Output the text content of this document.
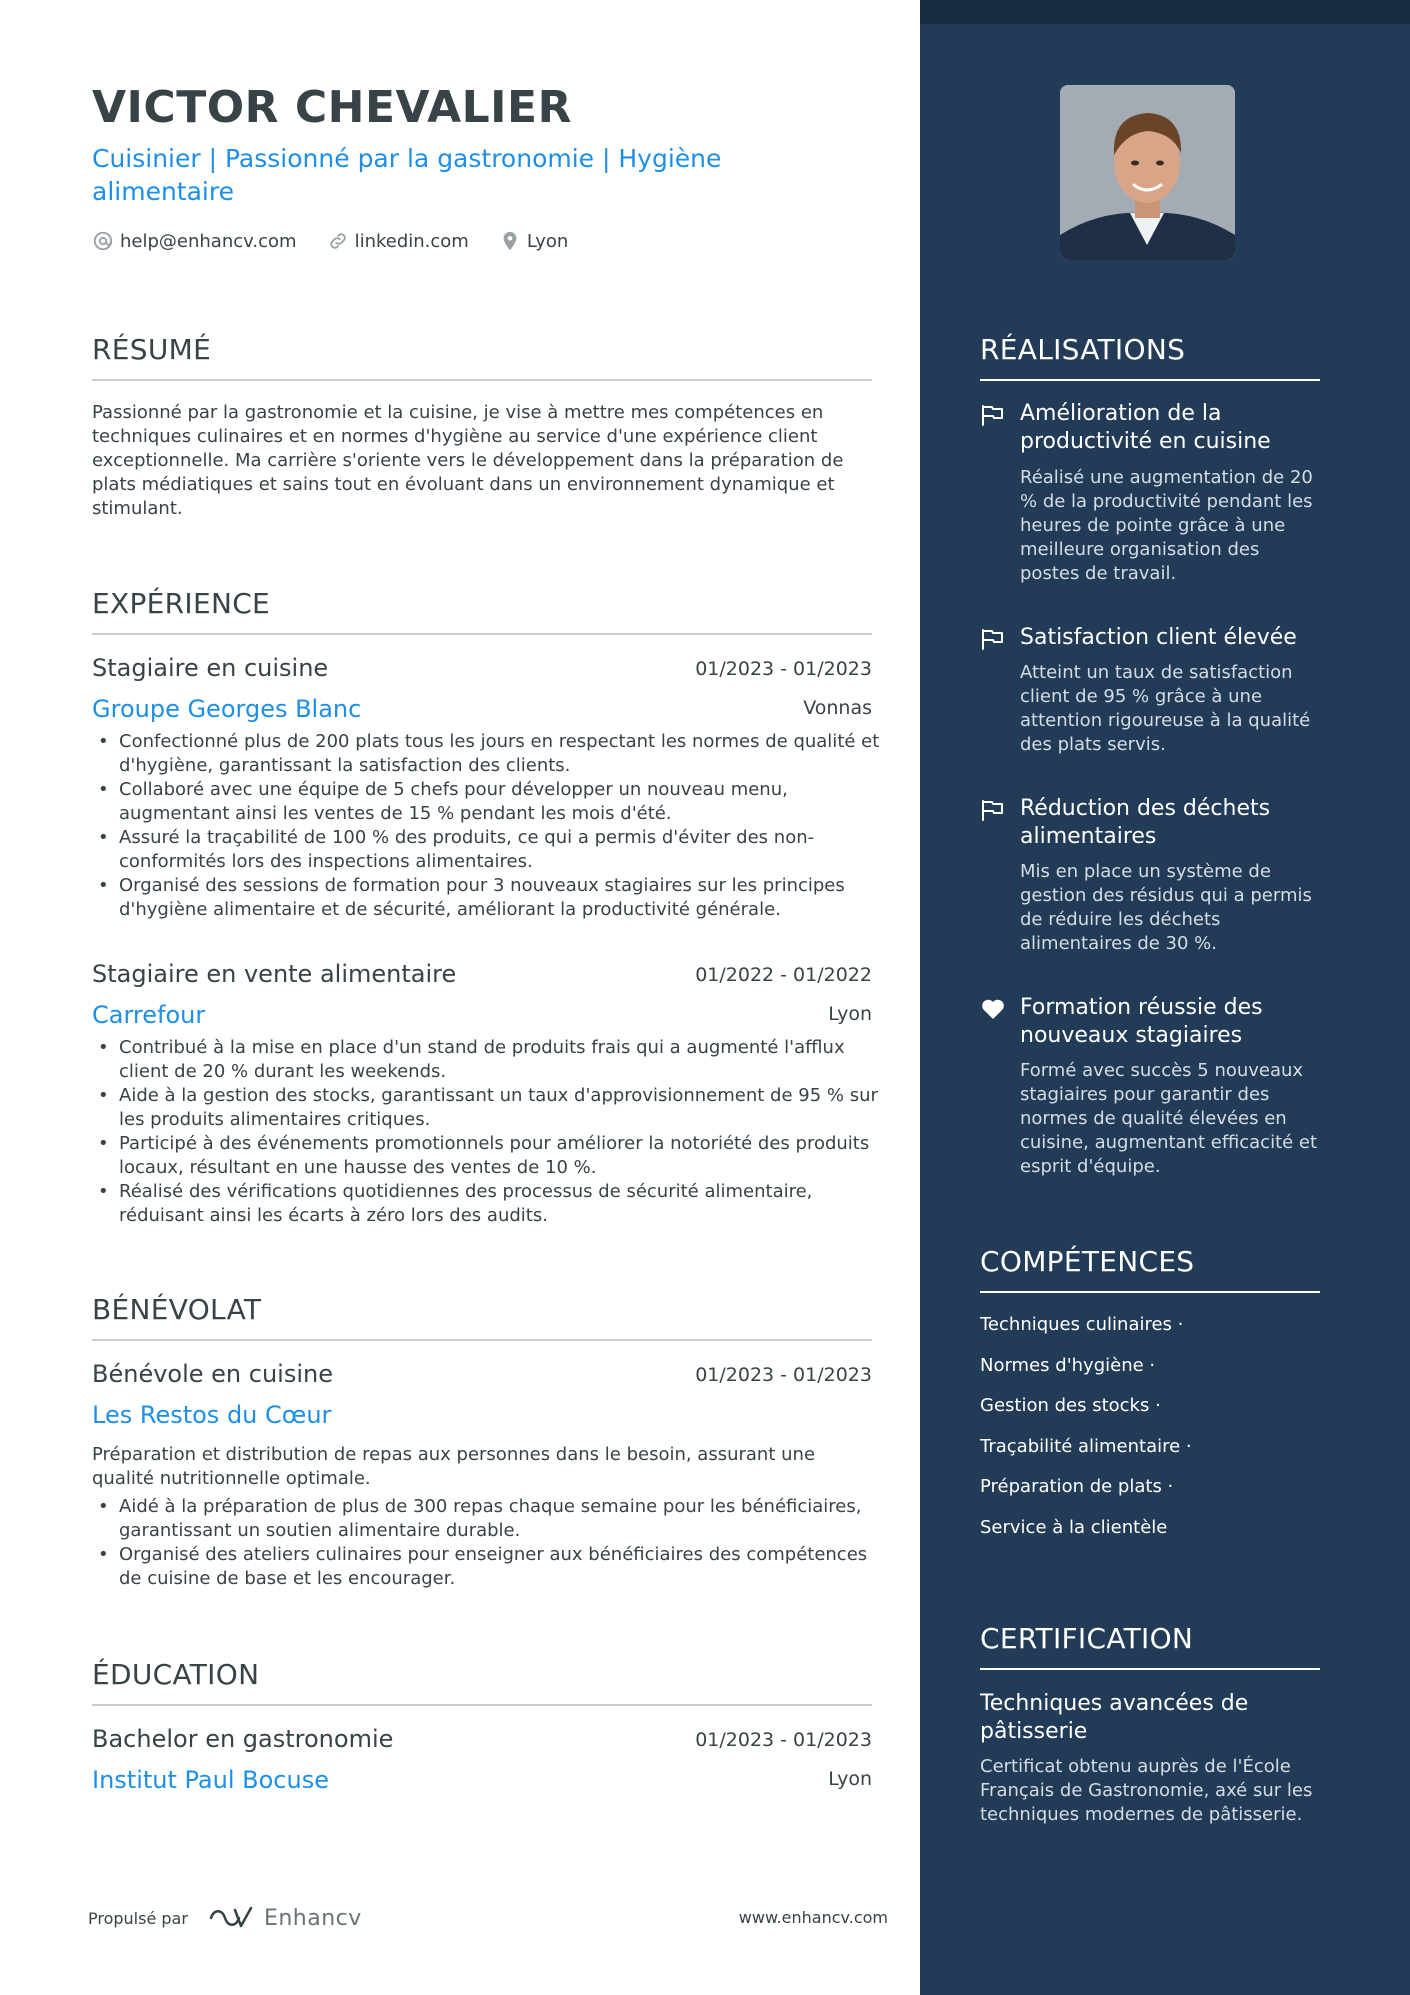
VICTOR CHEVALIER
Cuisinier | Passionné par la gastronomie | Hygiène alimentaire
help@enhancv.com	linkedin.com	Lyon
RÉSUMÉ
Passionné par la gastronomie et la cuisine, je vise à mettre mes compétences en techniques culinaires et en normes d'hygiène au service d'une expérience client exceptionnelle. Ma carrière s'oriente vers le développement dans la préparation de plats médiatiques et sains tout en évoluant dans un environnement dynamique et stimulant.
EXPÉRIENCE
Stagiaire en cuisine	01/2023 - 01/2023
Groupe Georges Blanc	Vonnas
• Confectionné plus de 200 plats tous les jours en respectant les normes de qualité et d'hygiène, garantissant la satisfaction des clients.
• Collaboré avec une équipe de 5 chefs pour développer un nouveau menu, augmentant ainsi les ventes de 15 % pendant les mois d'été.
• Assuré la traçabilité de 100 % des produits, ce qui a permis d'éviter des non-conformités lors des inspections alimentaires.
• Organisé des sessions de formation pour 3 nouveaux stagiaires sur les principes d'hygiène alimentaire et de sécurité, améliorant la productivité générale.
Stagiaire en vente alimentaire	01/2022 - 01/2022
Carrefour	Lyon
• Contribué à la mise en place d'un stand de produits frais qui a augmenté l'afflux client de 20 % durant les weekends.
• Aide à la gestion des stocks, garantissant un taux d'approvisionnement de 95 % sur les produits alimentaires critiques.
• Participé à des événements promotionnels pour améliorer la notoriété des produits locaux, résultant en une hausse des ventes de 10 %.
• Réalisé des vérifications quotidiennes des processus de sécurité alimentaire, réduisant ainsi les écarts à zéro lors des audits.
BÉNÉVOLAT
Bénévole en cuisine	01/2023 - 01/2023
Les Restos du Cœur
Préparation et distribution de repas aux personnes dans le besoin, assurant une qualité nutritionnelle optimale.
• Aidé à la préparation de plus de 300 repas chaque semaine pour les bénéficiaires, garantissant un soutien alimentaire durable.
• Organisé des ateliers culinaires pour enseigner aux bénéficiaires des compétences de cuisine de base et les encourager.
ÉDUCATION
Bachelor en gastronomie	01/2023 - 01/2023
Institut Paul Bocuse	Lyon
Propulsé par	Enhancv	www.enhancv.com
RÉALISATIONS
Amélioration de la productivité en cuisine
Réalisé une augmentation de 20 % de la productivité pendant les heures de pointe grâce à une meilleure organisation des postes de travail.
Satisfaction client élevée
Atteint un taux de satisfaction client de 95 % grâce à une attention rigoureuse à la qualité des plats servis.
Réduction des déchets alimentaires
Mis en place un système de gestion des résidus qui a permis de réduire les déchets alimentaires de 30 %.
Formation réussie des nouveaux stagiaires
Formé avec succès 5 nouveaux stagiaires pour garantir des normes de qualité élevées en cuisine, augmentant efficacité et esprit d'équipe.
COMPÉTENCES
Techniques culinaires ·
Normes d'hygiène ·
Gestion des stocks ·
Traçabilité alimentaire ·
Préparation de plats ·
Service à la clientèle
CERTIFICATION
Techniques avancées de pâtisserie
Certificat obtenu auprès de l'École Français de Gastronomie, axé sur les techniques modernes de pâtisserie.
